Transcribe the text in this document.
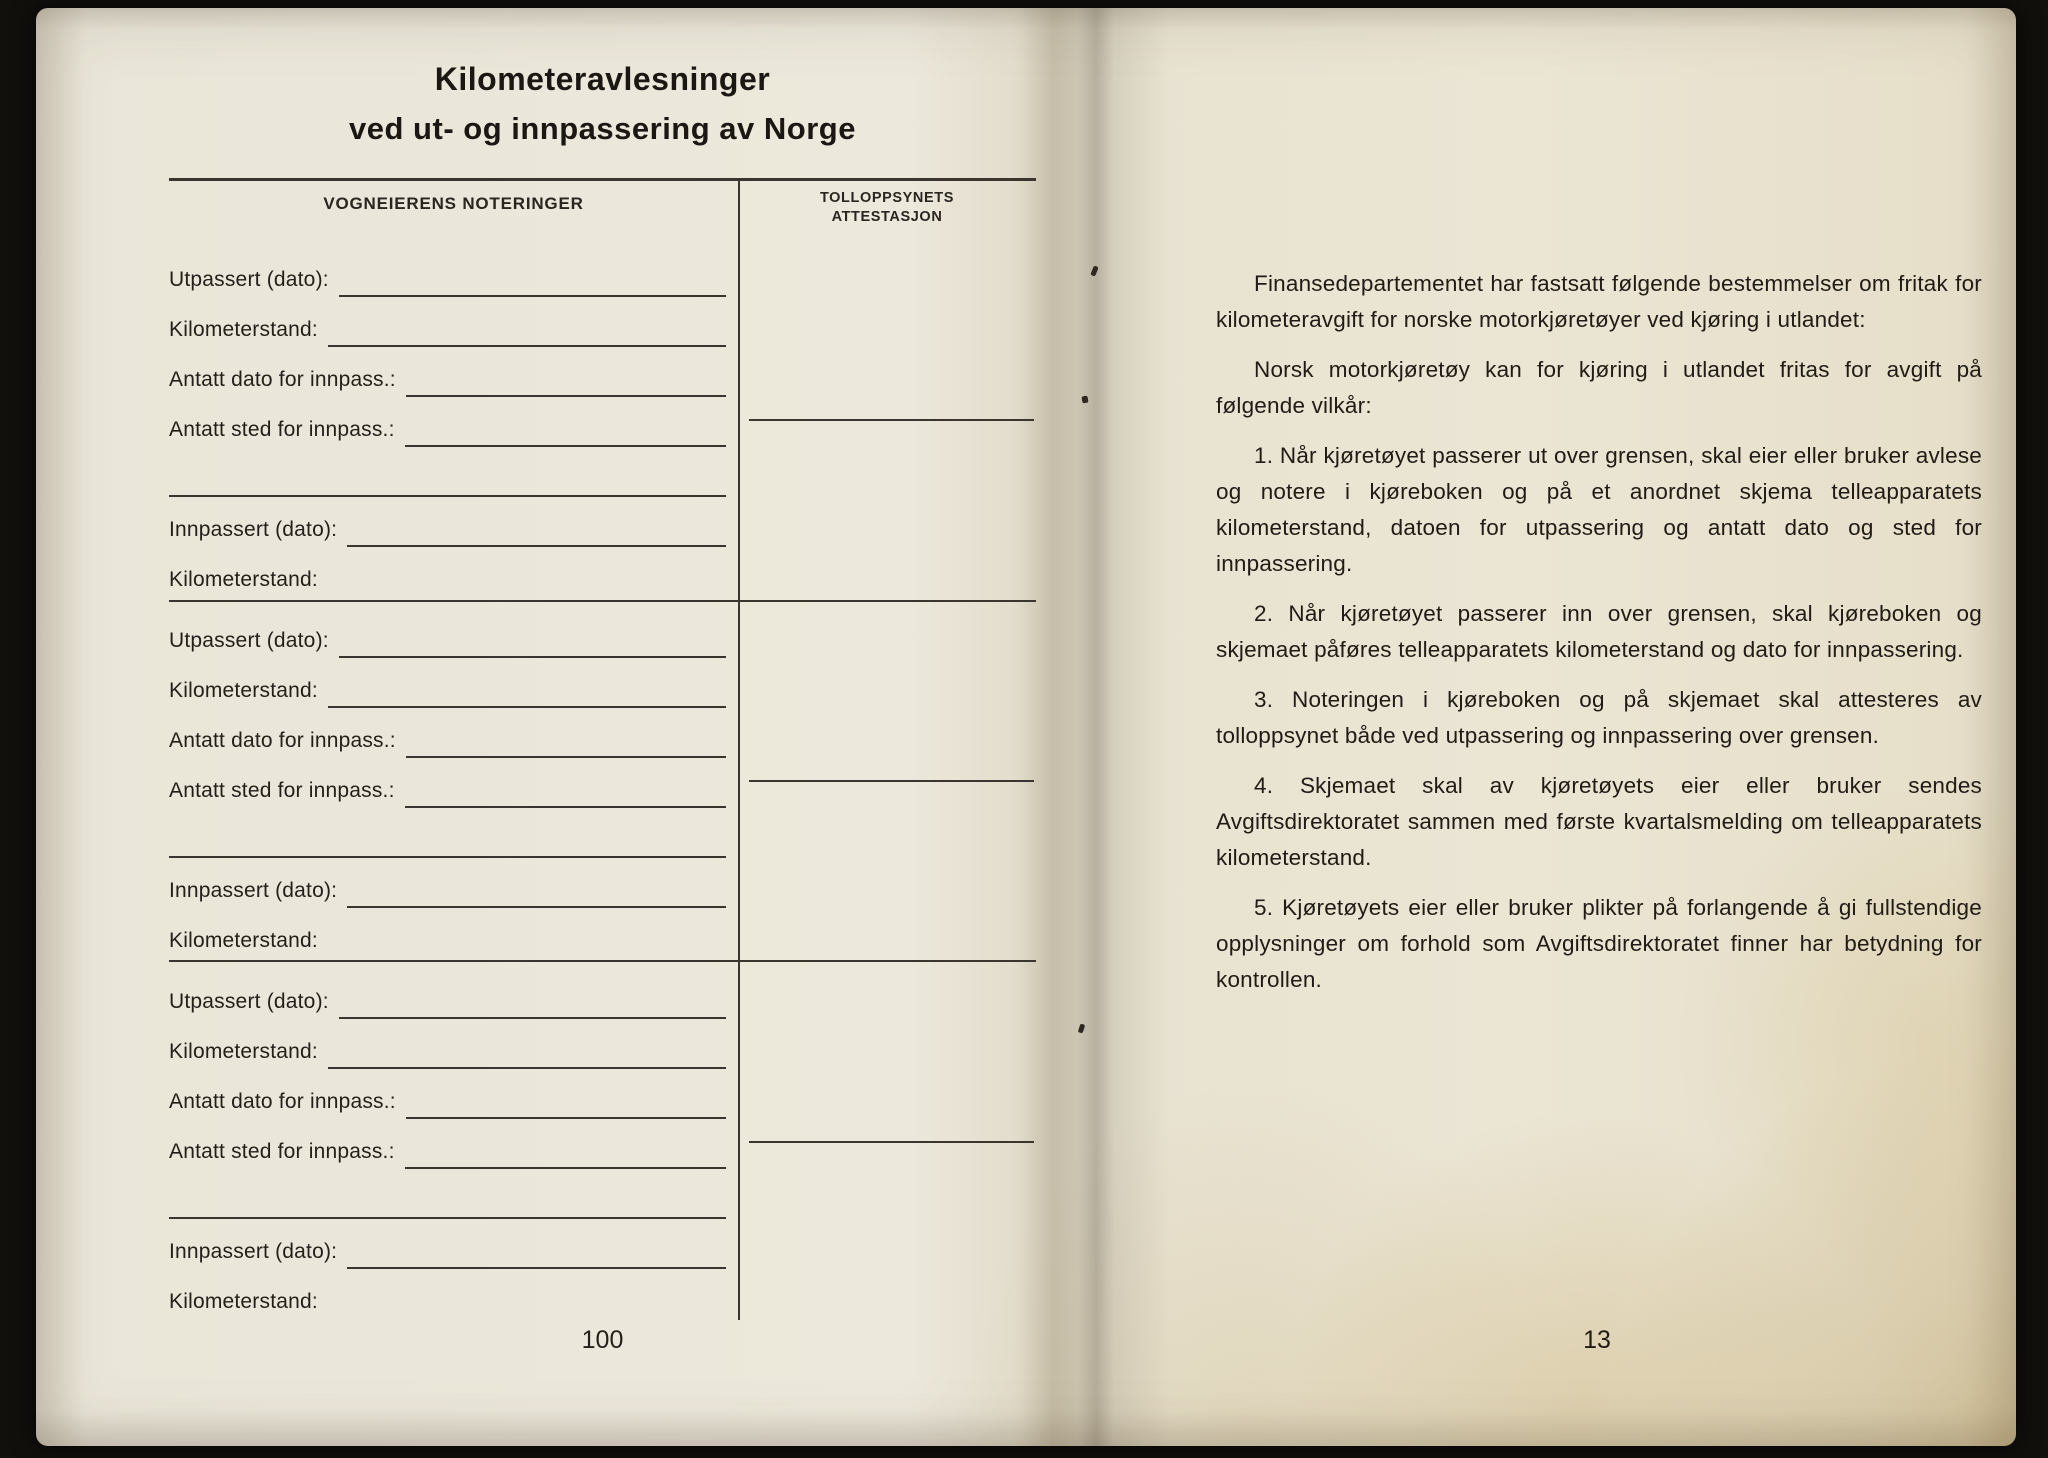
Kilometeravlesninger
ved ut- og innpassering av Norge
VOGNEIERENS NOTERINGER	TOLLOPPSYNETS
ATTESTASJON
Utpassert (dato):
Kilometerstand:
Antatt dato for innpass.:
Antatt sted for innpass.:
Innpassert (dato):
Kilometerstand:
Utpassert (dato):
Kilometerstand:
Antatt dato for innpass.:
Antatt sted for innpass.:
Innpassert (dato):
Kilometerstand:
Utpassert (dato):
Kilometerstand:
Antatt dato for innpass.:
Antatt sted for innpass.:
Innpassert (dato):
Kilometerstand:
100

Finansedepartementet har fastsatt følgende bestemmelser om fritak for kilometeravgift for norske motorkjøretøyer ved kjøring i utlandet:

Norsk motorkjøretøy kan for kjøring i utlandet fritas for avgift på følgende vilkår:

1. Når kjøretøyet passerer ut over grensen, skal eier eller bruker avlese og notere i kjøreboken og på et anordnet skjema telleapparatets kilometerstand, datoen for utpassering og antatt dato og sted for innpassering.

2. Når kjøretøyet passerer inn over grensen, skal kjøreboken og skjemaet påføres telleapparatets kilometerstand og dato for innpassering.

3. Noteringen i kjøreboken og på skjemaet skal attesteres av tolloppsynet både ved utpassering og innpassering over grensen.

4. Skjemaet skal av kjøretøyets eier eller bruker sendes Avgiftsdirektoratet sammen med første kvartalsmelding om telleapparatets kilometerstand.

5. Kjøretøyets eier eller bruker plikter på forlangende å gi fullstendige opplysninger om forhold som Avgiftsdirektoratet finner har betydning for kontrollen.

13
